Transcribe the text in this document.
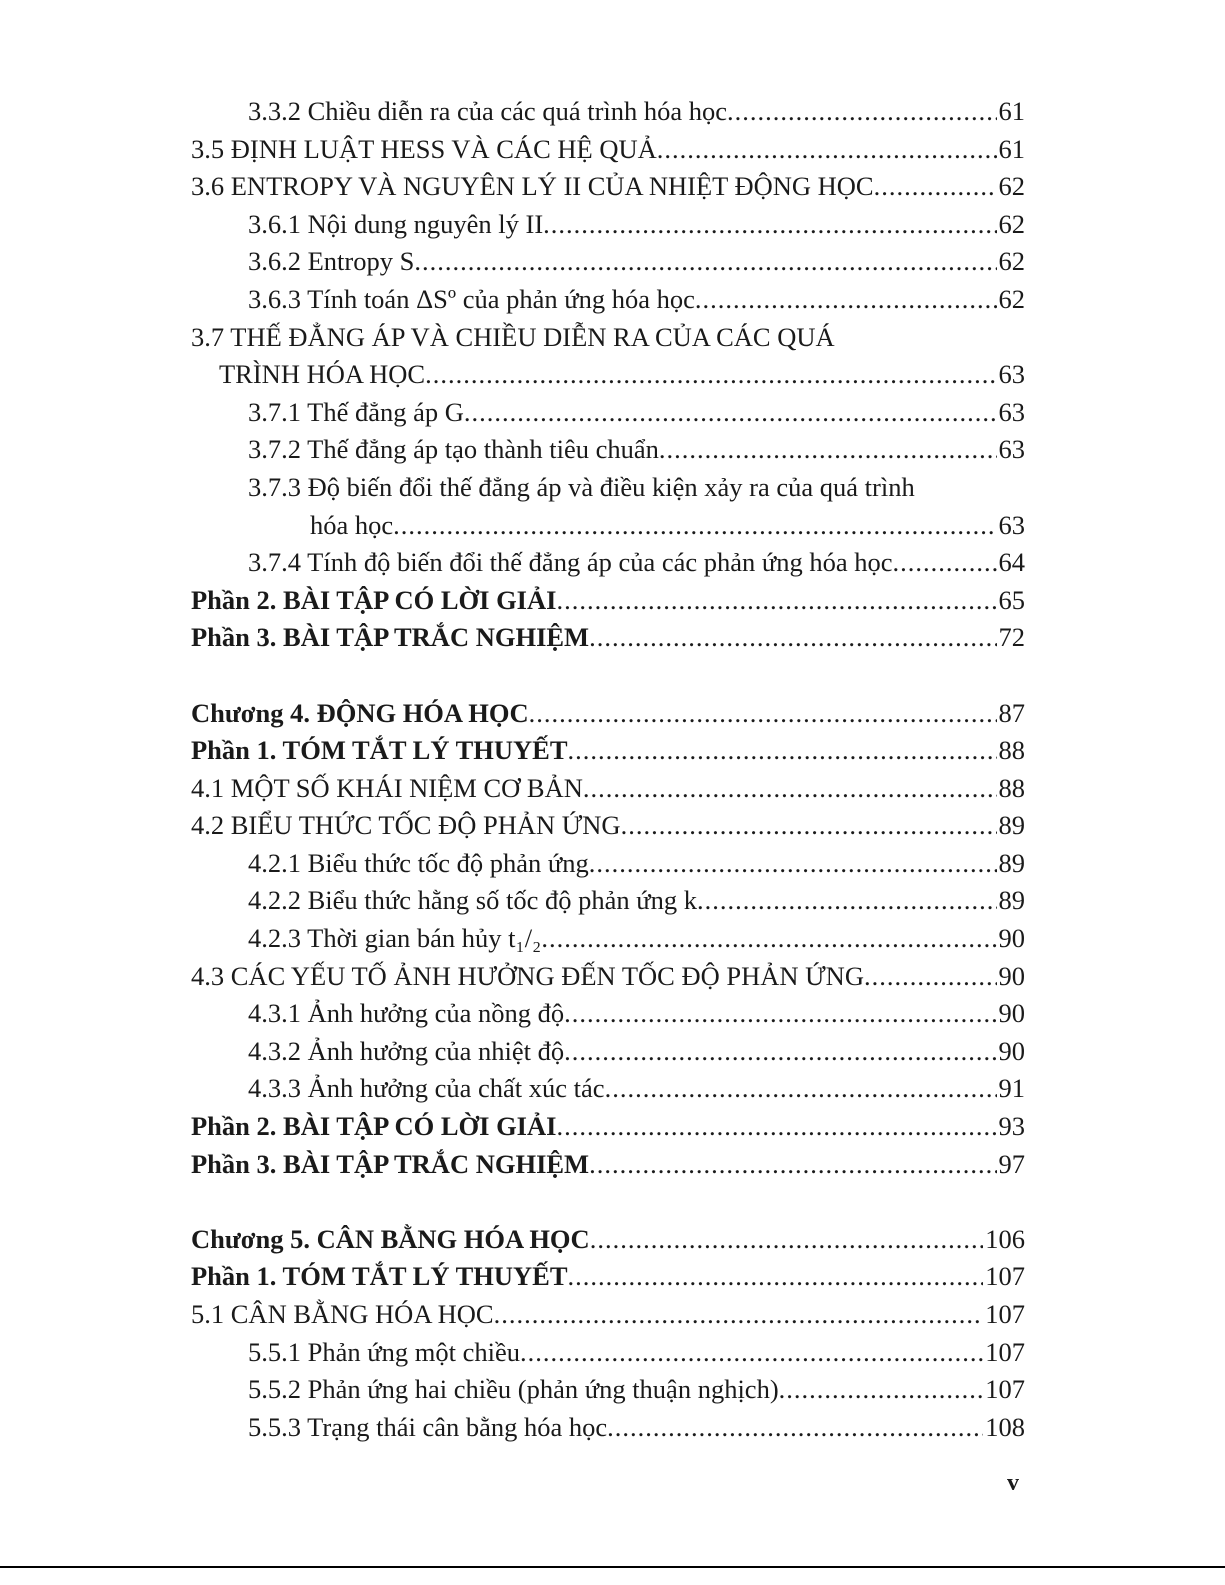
3.3.2 Chiều diễn ra của các quá trình hóa học .....	61
3.5 ĐỊNH LUẬT HESS VÀ CÁC HỆ QUẢ .....	61
3.6 ENTROPY VÀ NGUYÊN LÝ II CỦA NHIỆT ĐỘNG HỌC .....	62
3.6.1 Nội dung nguyên lý II .....	62
3.6.2 Entropy S .....	62
3.6.3 Tính toán ΔSº của phản ứng hóa học .....	62
3.7 THẾ ĐẲNG ÁP VÀ CHIỀU DIỄN RA CỦA CÁC QUÁ
TRÌNH HÓA HỌC .....	63
3.7.1 Thế đẳng áp G .....	63
3.7.2 Thế đẳng áp tạo thành tiêu chuẩn .....	63
3.7.3 Độ biến đổi thế đẳng áp và điều kiện xảy ra của quá trình
hóa học .....	63
3.7.4 Tính độ biến đổi thế đẳng áp của các phản ứng hóa học .....	64
Phần 2. BÀI TẬP CÓ LỜI GIẢI .....	65
Phần 3. BÀI TẬP TRẮC NGHIỆM .....	72
Chương 4. ĐỘNG HÓA HỌC .....	87
Phần 1. TÓM TẮT LÝ THUYẾT .....	88
4.1 MỘT SỐ KHÁI NIỆM CƠ BẢN .....	88
4.2 BIỂU THỨC TỐC ĐỘ PHẢN ỨNG .....	89
4.2.1 Biểu thức tốc độ phản ứng .....	89
4.2.2 Biểu thức hằng số tốc độ phản ứng k .....	89
4.2.3 Thời gian bán hủy t₁/₂ .....	90
4.3 CÁC YẾU TỐ ẢNH HƯỞNG ĐẾN TỐC ĐỘ PHẢN ỨNG .....	90
4.3.1 Ảnh hưởng của nồng độ .....	90
4.3.2 Ảnh hưởng của nhiệt độ .....	90
4.3.3 Ảnh hưởng của chất xúc tác .....	91
Phần 2. BÀI TẬP CÓ LỜI GIẢI .....	93
Phần 3. BÀI TẬP TRẮC NGHIỆM .....	97
Chương 5. CÂN BẰNG HÓA HỌC .....	106
Phần 1. TÓM TẮT LÝ THUYẾT .....	107
5.1 CÂN BẰNG HÓA HỌC .....	107
5.5.1 Phản ứng một chiều .....	107
5.5.2 Phản ứng hai chiều (phản ứng thuận nghịch) .....	107
5.5.3 Trạng thái cân bằng hóa học .....	108
v
